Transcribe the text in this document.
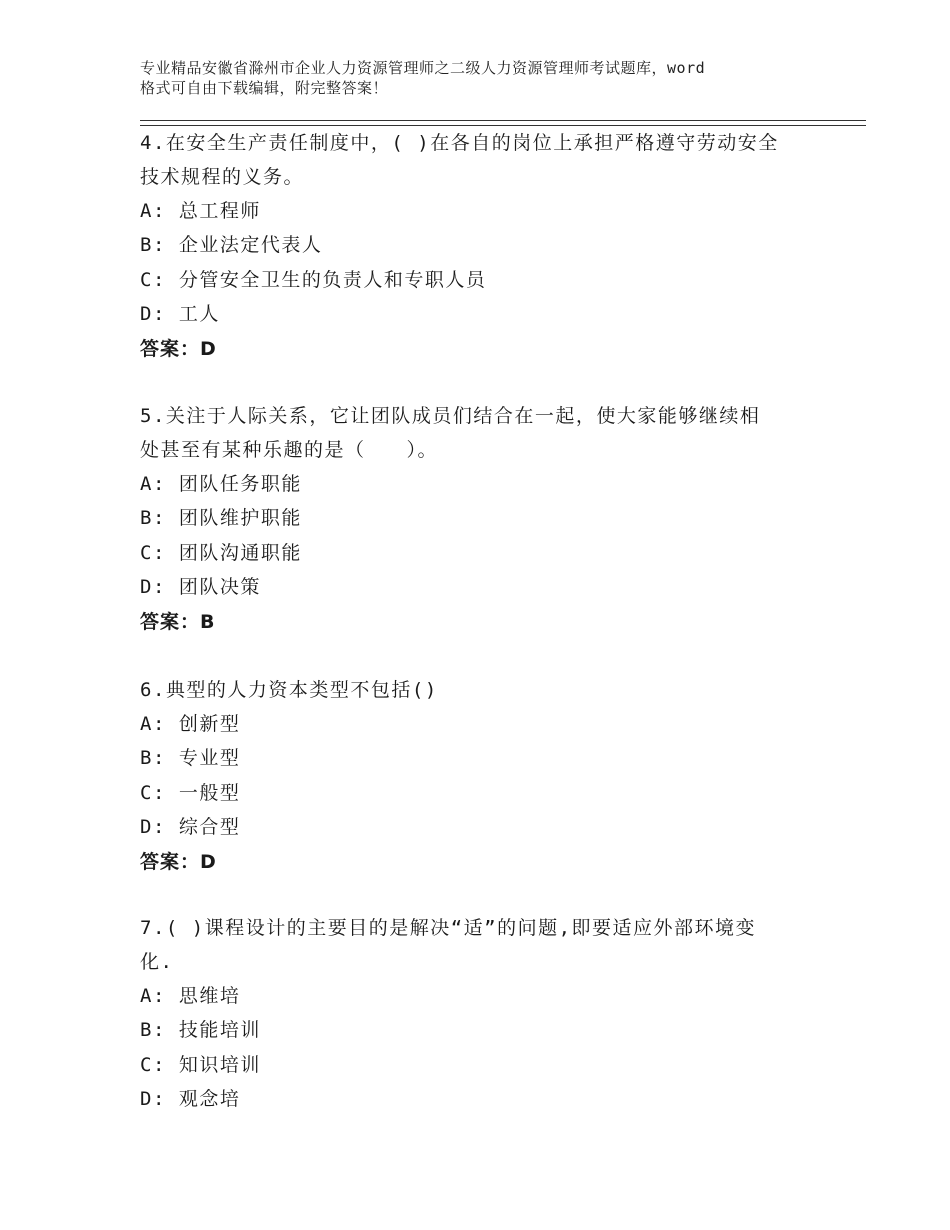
专业精品安徽省滁州市企业人力资源管理师之二级人力资源管理师考试题库，word
格式可自由下载编辑，附完整答案！
4.在安全生产责任制度中，( )在各自的岗位上承担严格遵守劳动安全
技术规程的义务。
A: 总工程师
B: 企业法定代表人
C: 分管安全卫生的负责人和专职人员
D: 工人
答案：D
5.关注于人际关系，它让团队成员们结合在一起，使大家能够继续相
处甚至有某种乐趣的是（　　）。
A: 团队任务职能
B: 团队维护职能
C: 团队沟通职能
D: 团队决策
答案：B
6.典型的人力资本类型不包括()
A: 创新型
B: 专业型
C: 一般型
D: 综合型
答案：D
7.( )课程设计的主要目的是解决“适”的问题,即要适应外部环境变
化.
A: 思维培
B: 技能培训
C: 知识培训
D: 观念培
